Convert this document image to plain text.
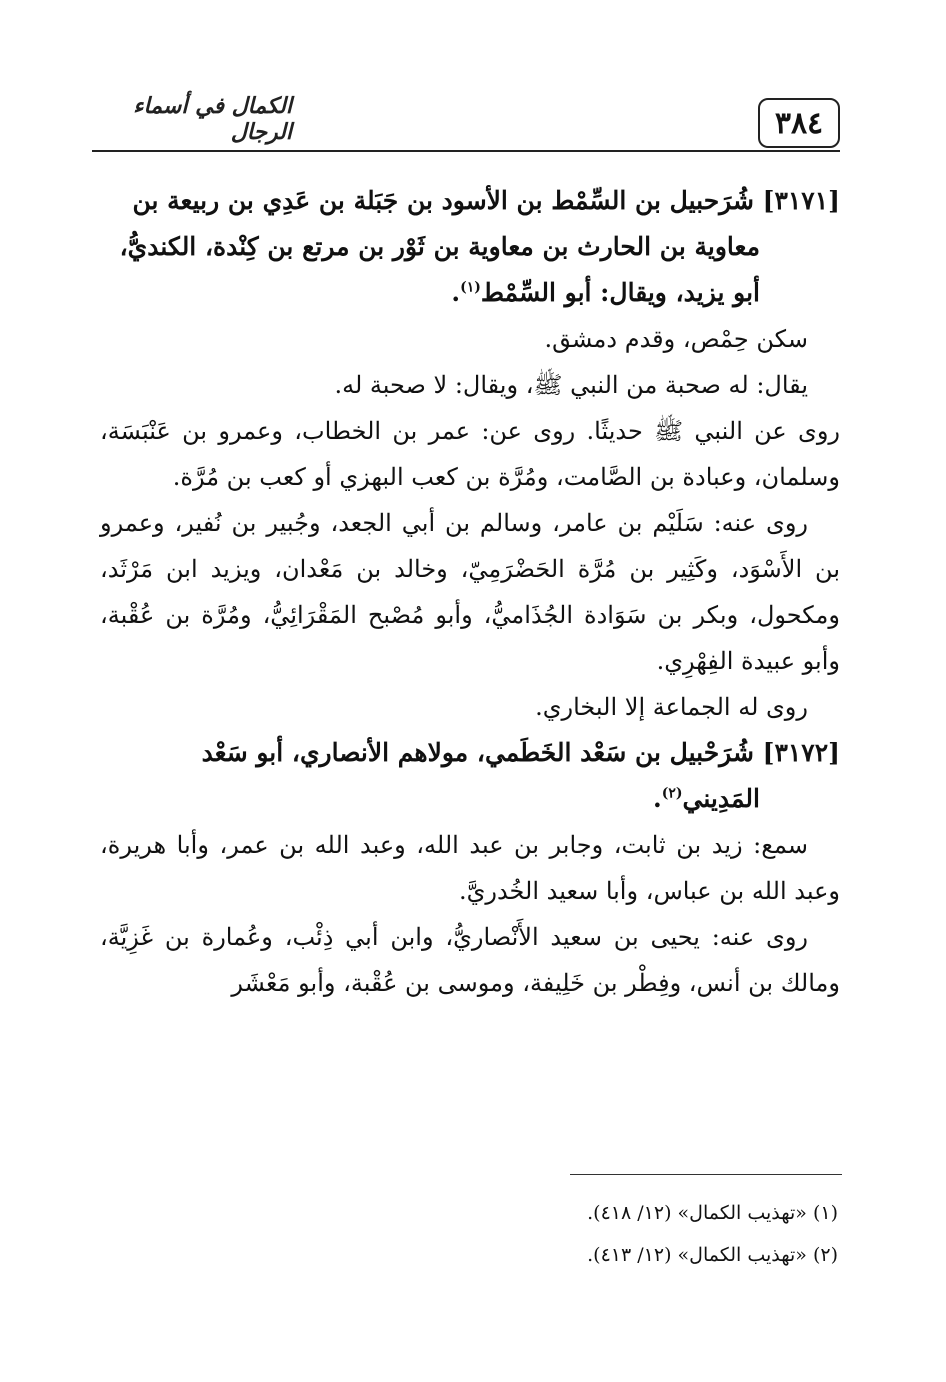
٣٨٤
الكمال في أسماء الرجال

[٣١٧١] شُرَحبيل بن السِّمْط بن الأسود بن جَبَلة بن عَدِي بن ربيعة بن

معاوية بن الحارث بن معاوية بن ثَوْر بن مرتع بن كِنْدة، الكنديُّ،

أبو يزيد، ويقال: أبو السِّمْط$^{(١)}$.

سكن حِمْص، وقدم دمشق.

يقال: له صحبة من النبي ﷺ، ويقال: لا صحبة له.

روى عن النبي ﷺ حديثًا. روى عن: عمر بن الخطاب، وعمرو بن عَنْبَسَة، وسلمان، وعبادة بن الصَّامت، ومُرَّة بن كعب البهزي أو كعب بن مُرَّة.

روى عنه: سَلَيْم بن عامر، وسالم بن أبي الجعد، وجُبير بن نُفير، وعمرو بن الأَسْوَد، وكَثِير بن مُرَّة الحَضْرَمِيّ، وخالد بن مَعْدان، ويزيد ابن مَرْثَد، ومكحول، وبكر بن سَوَادة الجُذَاميُّ، وأبو مُصْبح المَقْرَائِيُّ، ومُرَّة بن عُقْبة، وأبو عبيدة الفِهْرِي.

روى له الجماعة إلا البخاري.

[٣١٧٢] شُرَحْبيل بن سَعْد الخَطَمي، مولاهم الأنصاري، أبو سَعْد

المَدِيني$^{(٢)}$.

سمع: زيد بن ثابت، وجابر بن عبد الله، وعبد الله بن عمر، وأبا هريرة، وعبد الله بن عباس، وأبا سعيد الخُدريَّ.

روى عنه: يحيى بن سعيد الأَنْصاريُّ، وابن أبي ذِئْب، وعُمارة بن غَزِيَّة، ومالك بن أنس، وفِطْر بن خَلِيفة، وموسى بن عُقْبة، وأبو مَعْشَر

(١) «تهذيب الكمال» (١٢/ ٤١٨).

(٢) «تهذيب الكمال» (١٢/ ٤١٣).
